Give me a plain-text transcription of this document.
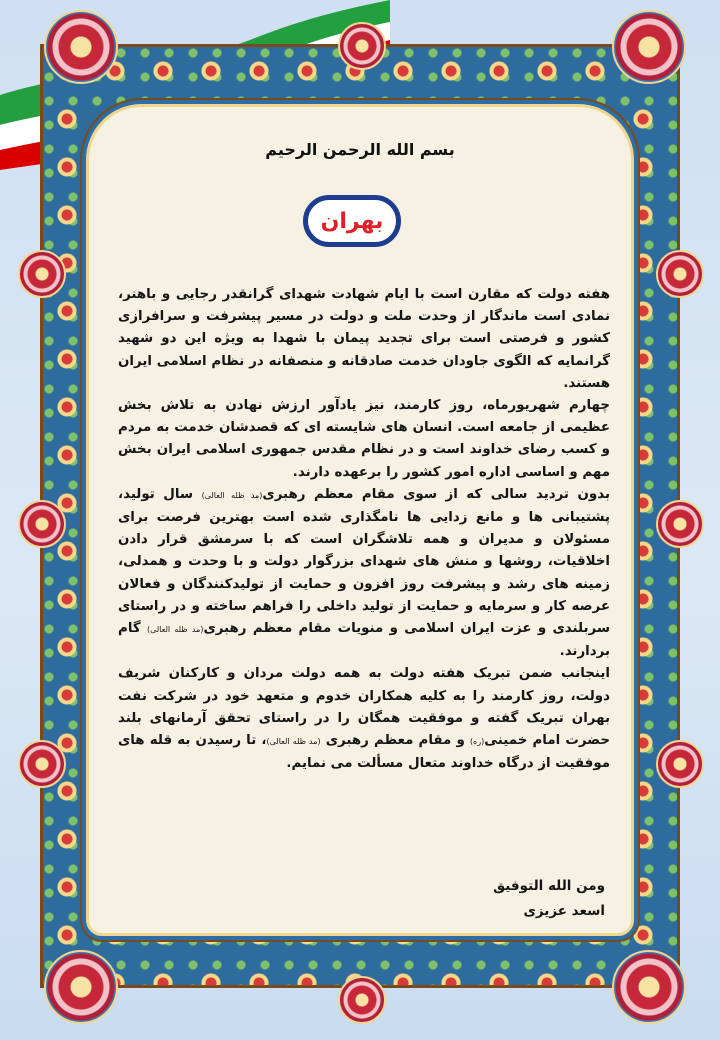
بسم الله الرحمن الرحیم
بهران

هفته دولت که مقارن است با ایام شهادت شهدای گرانقدر رجایی و باهنر، نمادی است ماندگار از وحدت ملت و دولت در مسیر پیشرفت و سرافرازی کشور و فرصتی است برای تجدید پیمان با شهدا به ویژه این دو شهید گرانمایه که الگوی جاودان خدمت صادقانه و منصفانه در نظام اسلامی ایران هستند.

چهارم شهریورماه، روز کارمند، نیز یادآور ارزش نهادن به تلاش بخش عظیمی از جامعه است. انسان های شایسته ای که قصدشان خدمت به مردم و کسب رضای خداوند است و در نظام مقدس جمهوری اسلامی ایران بخش مهم و اساسی اداره امور کشور را برعهده دارند.

بدون تردید سالی که از سوی مقام معظم رهبری(مد ظله العالی) سال تولید، پشتیبانی ها و مانع زدایی ها نامگذاری شده است بهترین فرصت برای مسئولان و مدیران و همه تلاشگران است که با سرمشق قرار دادن اخلاقیات، روشها و منش های شهدای بزرگوار دولت و با وحدت و همدلی، زمینه های رشد و پیشرفت روز افزون و حمایت از تولیدکنندگان و فعالان عرصه کار و سرمایه و حمایت از تولید داخلی را فراهم ساخته و در راستای سربلندی و عزت ایران اسلامی و منویات مقام معظم رهبری(مد ظله العالی) گام بردارند.

اینجانب ضمن تبریک هفته دولت به همه دولت مردان و کارکنان شریف دولت، روز کارمند را به کلیه همکاران خدوم و متعهد خود در شرکت نفت بهران تبریک گفته و موفقیت همگان را در راستای تحقق آرمانهای بلند حضرت امام خمینی(ره) و مقام معظم رهبری (مد ظله العالی)، تا رسیدن به قله های موفقیت از درگاه خداوند متعال مسألت می نمایم.

ومن الله التوفیق
اسعد عزیزی
